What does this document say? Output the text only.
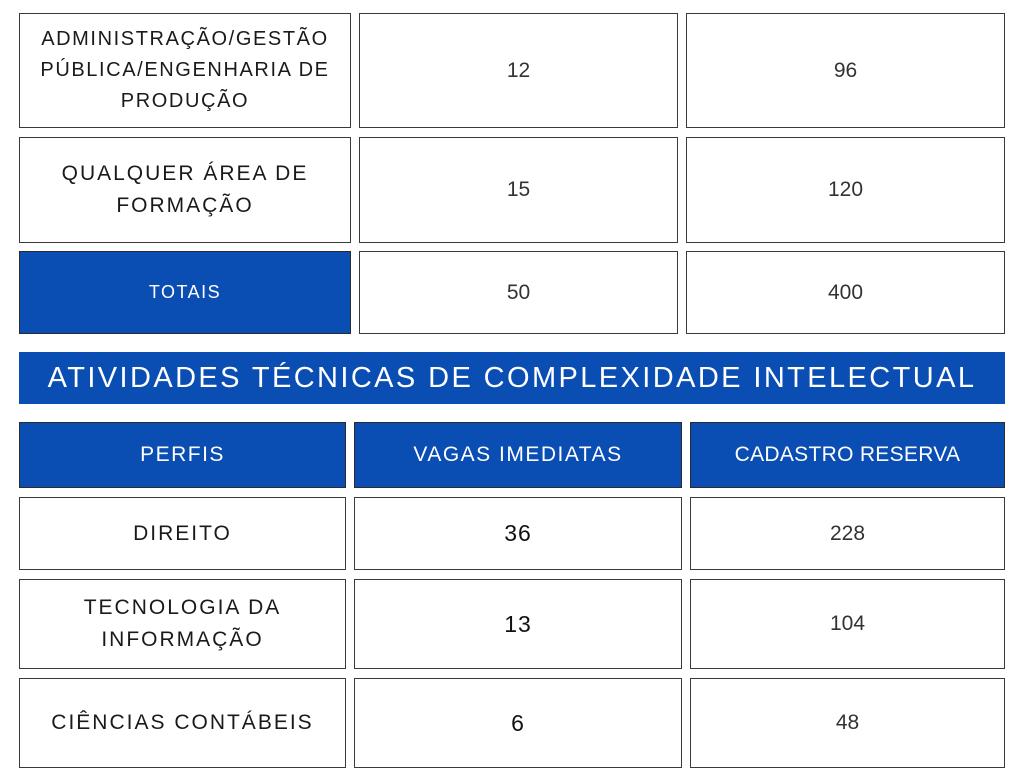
ADMINISTRAÇÃO/GESTÃO
PÚBLICA/ENGENHARIA DE
PRODUÇÃO
12	96
QUALQUER ÁREA DE
FORMAÇÃO
15	120
TOTAIS	50	400
ATIVIDADES TÉCNICAS DE COMPLEXIDADE INTELECTUAL
PERFIS	VAGAS IMEDIATAS	CADASTRO RESERVA
DIREITO	36	228
TECNOLOGIA DA
INFORMAÇÃO
13	104
CIÊNCIAS CONTÁBEIS	6	48
